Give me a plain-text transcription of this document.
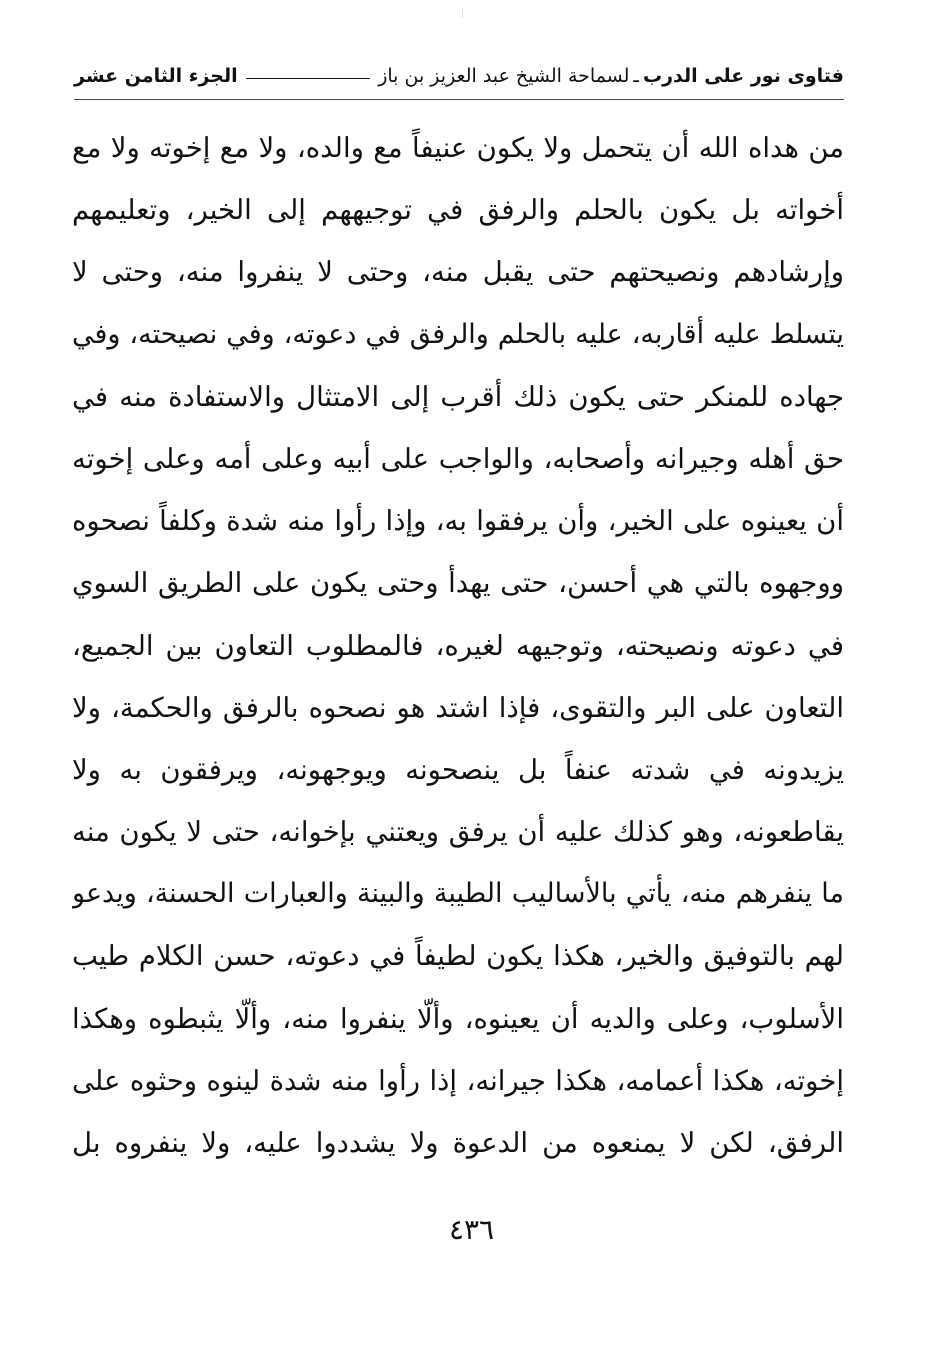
فتاوى نور على الدرب
ـ
لسماحة الشيخ عبد العزيز بن باز
الجزء الثامن عشر
من هداه الله أن يتحمل ولا يكون عنيفاً مع والده، ولا مع إخوته ولا مع
أخواته بل يكون بالحلم والرفق في توجيههم إلى الخير، وتعليمهم
وإرشادهم ونصيحتهم حتى يقبل منه، وحتى لا ينفروا منه، وحتى لا
يتسلط عليه أقاربه، عليه بالحلم والرفق في دعوته، وفي نصيحته، وفي
جهاده للمنكر حتى يكون ذلك أقرب إلى الامتثال والاستفادة منه في
حق أهله وجيرانه وأصحابه، والواجب على أبيه وعلى أمه وعلى إخوته
أن يعينوه على الخير، وأن يرفقوا به، وإذا رأوا منه شدة وكلفاً نصحوه
ووجهوه بالتي هي أحسن، حتى يهدأ وحتى يكون على الطريق السوي
في دعوته ونصيحته، وتوجيهه لغيره، فالمطلوب التعاون بين الجميع،
التعاون على البر والتقوى، فإذا اشتد هو نصحوه بالرفق والحكمة، ولا
يزيدونه في شدته عنفاً بل ينصحونه ويوجهونه، ويرفقون به ولا
يقاطعونه، وهو كذلك عليه أن يرفق ويعتني بإخوانه، حتى لا يكون منه
ما ينفرهم منه، يأتي بالأساليب الطيبة والبينة والعبارات الحسنة، ويدعو
لهم بالتوفيق والخير، هكذا يكون لطيفاً في دعوته، حسن الكلام طيب
الأسلوب، وعلى والديه أن يعينوه، وألّا ينفروا منه، وألّا يثبطوه وهكذا
إخوته، هكذا أعمامه، هكذا جيرانه، إذا رأوا منه شدة لينوه وحثوه على
الرفق، لكن لا يمنعوه من الدعوة ولا يشددوا عليه، ولا ينفروه بل
٤٣٦
